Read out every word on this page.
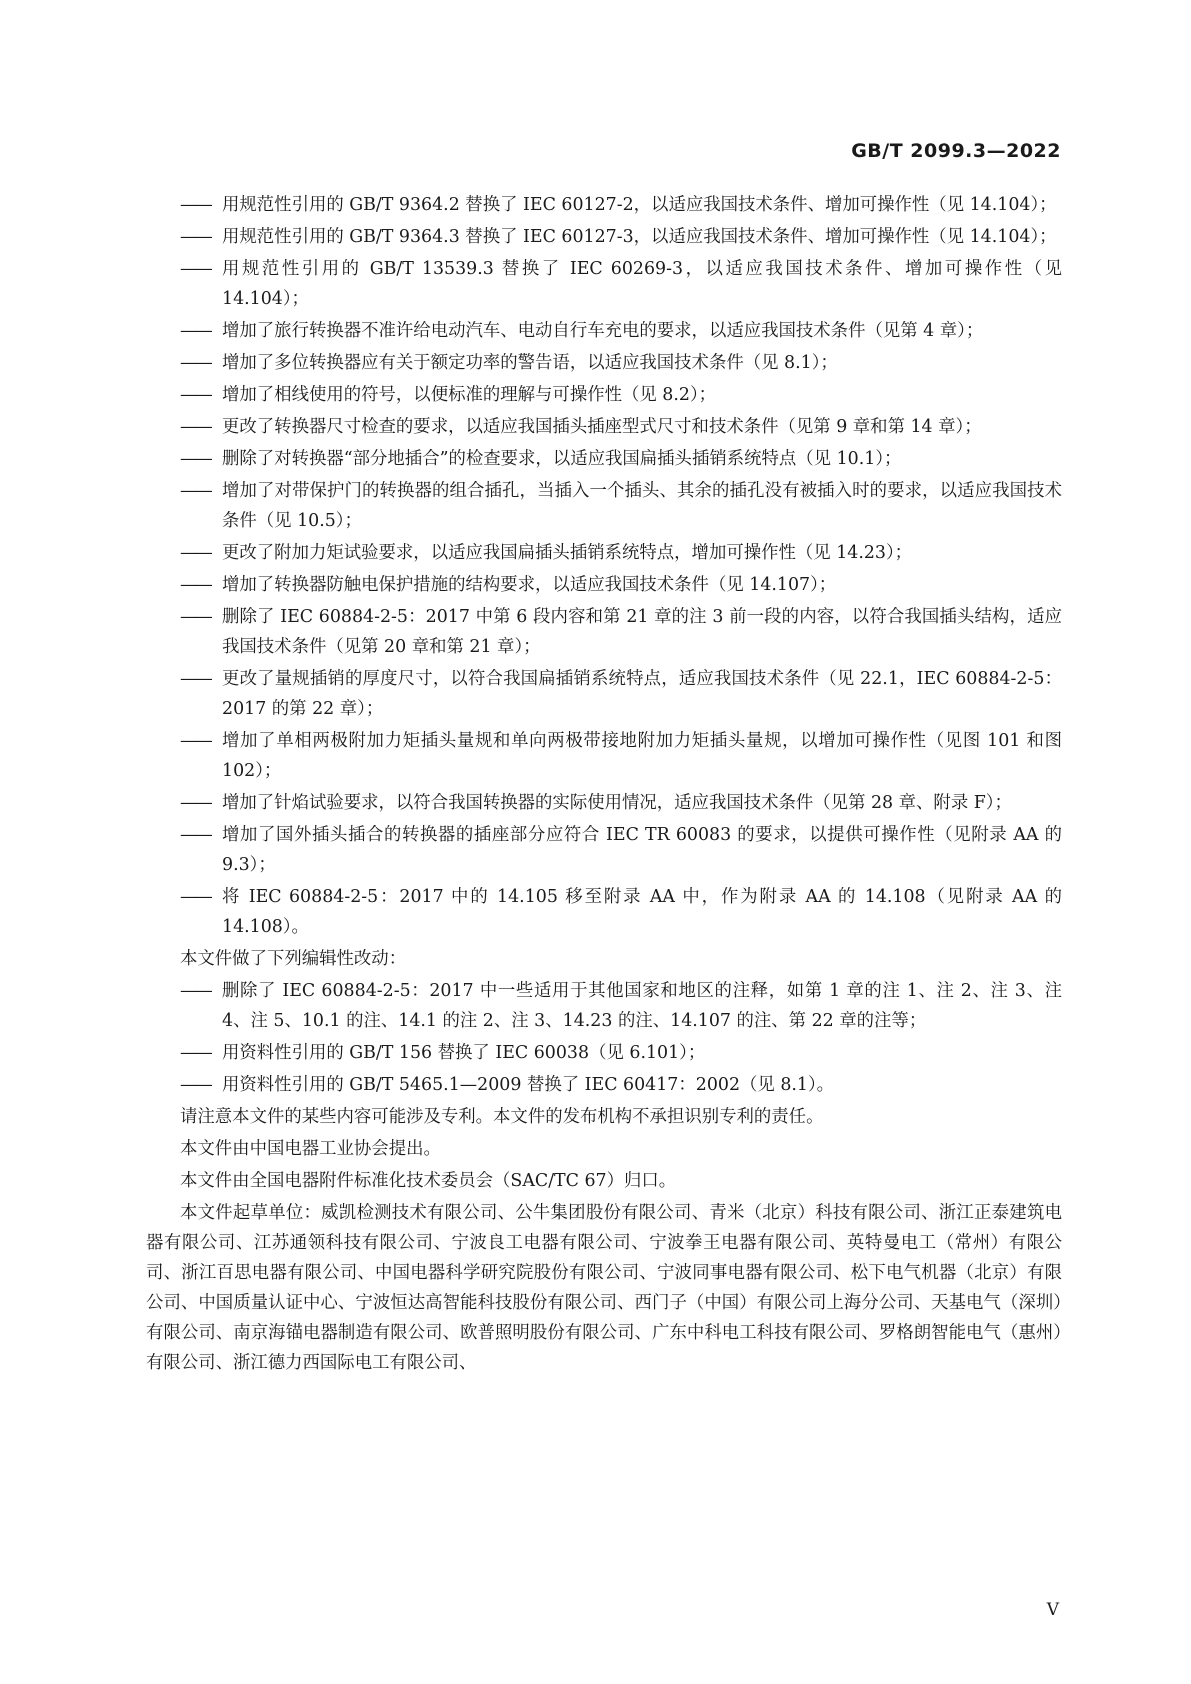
GB/T 2099.3—2022

—— 用规范性引用的 GB/T 9364.2 替换了 IEC 60127-2，以适应我国技术条件、增加可操作性（见 14.104）；

—— 用规范性引用的 GB/T 9364.3 替换了 IEC 60127-3，以适应我国技术条件、增加可操作性（见 14.104）；

—— 用规范性引用的 GB/T 13539.3 替换了 IEC 60269-3，以适应我国技术条件、增加可操作性（见 14.104）；

—— 增加了旅行转换器不准许给电动汽车、电动自行车充电的要求，以适应我国技术条件（见第 4 章）；

—— 增加了多位转换器应有关于额定功率的警告语，以适应我国技术条件（见 8.1）；

—— 增加了相线使用的符号，以便标准的理解与可操作性（见 8.2）；

—— 更改了转换器尺寸检查的要求，以适应我国插头插座型式尺寸和技术条件（见第 9 章和第 14 章）；

—— 删除了对转换器“部分地插合”的检查要求，以适应我国扁插头插销系统特点（见 10.1）；

—— 增加了对带保护门的转换器的组合插孔，当插入一个插头、其余的插孔没有被插入时的要求，以适应我国技术条件（见 10.5）；

—— 更改了附加力矩试验要求，以适应我国扁插头插销系统特点，增加可操作性（见 14.23）；

—— 增加了转换器防触电保护措施的结构要求，以适应我国技术条件（见 14.107）；

—— 删除了 IEC 60884-2-5：2017 中第 6 段内容和第 21 章的注 3 前一段的内容，以符合我国插头结构，适应我国技术条件（见第 20 章和第 21 章）；

—— 更改了量规插销的厚度尺寸，以符合我国扁插销系统特点，适应我国技术条件（见 22.1，IEC 60884-2-5：2017 的第 22 章）；

—— 增加了单相两极附加力矩插头量规和单向两极带接地附加力矩插头量规，以增加可操作性（见图 101 和图 102）；

—— 增加了针焰试验要求，以符合我国转换器的实际使用情况，适应我国技术条件（见第 28 章、附录 F）；

—— 增加了国外插头插合的转换器的插座部分应符合 IEC TR 60083 的要求，以提供可操作性（见附录 AA 的 9.3）；

—— 将 IEC 60884-2-5：2017 中的 14.105 移至附录 AA 中，作为附录 AA 的 14.108（见附录 AA 的 14.108）。

本文件做了下列编辑性改动：

—— 删除了 IEC 60884-2-5：2017 中一些适用于其他国家和地区的注释，如第 1 章的注 1、注 2、注 3、注 4、注 5、10.1 的注、14.1 的注 2、注 3、14.23 的注、14.107 的注、第 22 章的注等；

—— 用资料性引用的 GB/T 156 替换了 IEC 60038（见 6.101）；

—— 用资料性引用的 GB/T 5465.1—2009 替换了 IEC 60417：2002（见 8.1）。

请注意本文件的某些内容可能涉及专利。本文件的发布机构不承担识别专利的责任。

本文件由中国电器工业协会提出。

本文件由全国电器附件标准化技术委员会（SAC/TC 67）归口。

本文件起草单位：威凯检测技术有限公司、公牛集团股份有限公司、青米（北京）科技有限公司、浙江正泰建筑电器有限公司、江苏通领科技有限公司、宁波良工电器有限公司、宁波拳王电器有限公司、英特曼电工（常州）有限公司、浙江百思电器有限公司、中国电器科学研究院股份有限公司、宁波同事电器有限公司、松下电气机器（北京）有限公司、中国质量认证中心、宁波恒达高智能科技股份有限公司、西门子（中国）有限公司上海分公司、天基电气（深圳）有限公司、南京海锚电器制造有限公司、欧普照明股份有限公司、广东中科电工科技有限公司、罗格朗智能电气（惠州）有限公司、浙江德力西国际电工有限公司、

V
